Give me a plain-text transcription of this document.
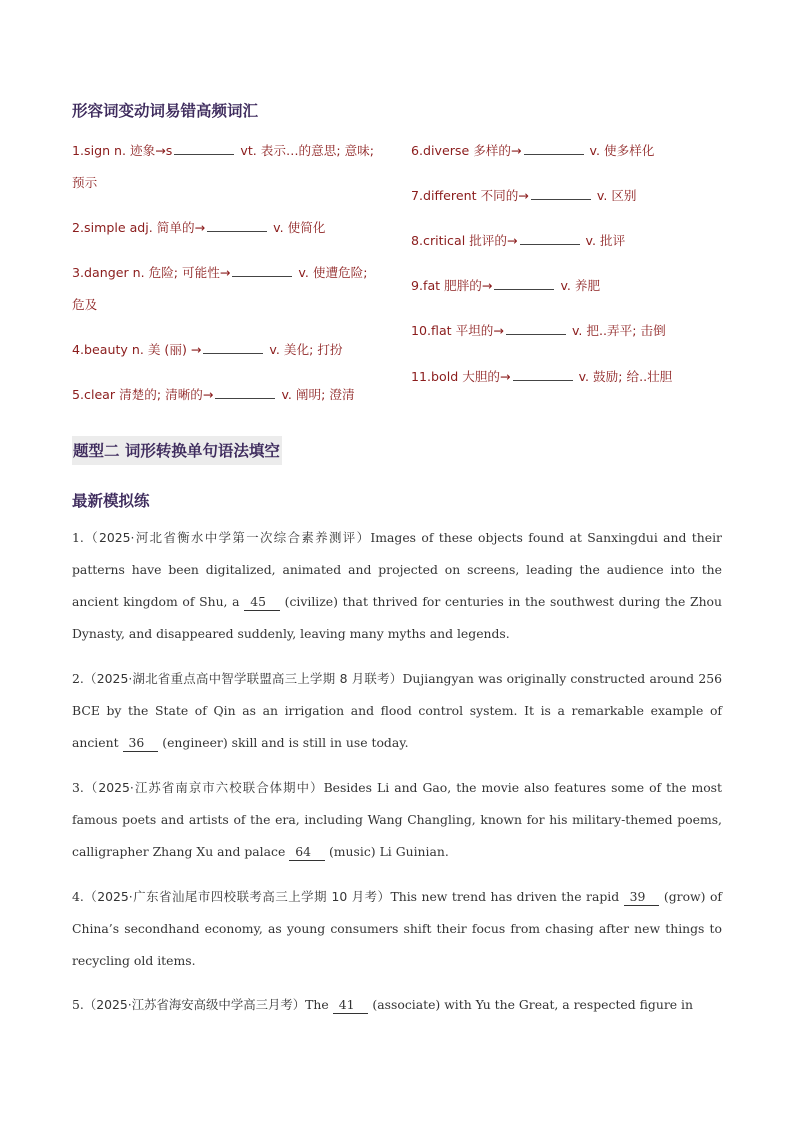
形容词变动词易错高频词汇
1.sign n. 迹象→s	vt. 表示…的意思; 意味;
预示
2.simple adj. 简单的→	v. 使简化
3.danger n. 危险; 可能性→	v. 使遭危险;
危及
4.beauty n. 美 (丽) →	v. 美化; 打扮
5.clear 清楚的; 清晰的→	v. 阐明; 澄清
6.diverse 多样的→	v. 使多样化
7.different 不同的→	v. 区别
8.critical 批评的→	v. 批评
9.fat 肥胖的→	v. 养肥
10.flat 平坦的→	v. 把..弄平; 击倒
11.bold 大胆的→	v. 鼓励; 给..壮胆
题型二 词形转换单句语法填空
最新模拟练
1.（2025·河北省衡水中学第一次综合素养测评）Images of these objects found at Sanxingdui and their patterns have been digitalized, animated and projected on screens, leading the audience into the ancient kingdom of Shu, a 45 (civilize) that thrived for centuries in the southwest during the Zhou Dynasty, and disappeared suddenly, leaving many myths and legends.
2.（2025·湖北省重点高中智学联盟高三上学期 8 月联考）Dujiangyan was originally constructed around 256 BCE by the State of Qin as an irrigation and flood control system. It is a remarkable example of ancient 36 (engineer) skill and is still in use today.
3.（2025·江苏省南京市六校联合体期中）Besides Li and Gao, the movie also features some of the most famous poets and artists of the era, including Wang Changling, known for his military-themed poems, calligrapher Zhang Xu and palace 64 (music) Li Guinian.
4.（2025·广东省汕尾市四校联考高三上学期 10 月考）This new trend has driven the rapid 39 (grow) of China’s secondhand economy, as young consumers shift their focus from chasing after new things to recycling old items.
5.（2025·江苏省海安高级中学高三月考）The 41 (associate) with Yu the Great, a respected figure in
